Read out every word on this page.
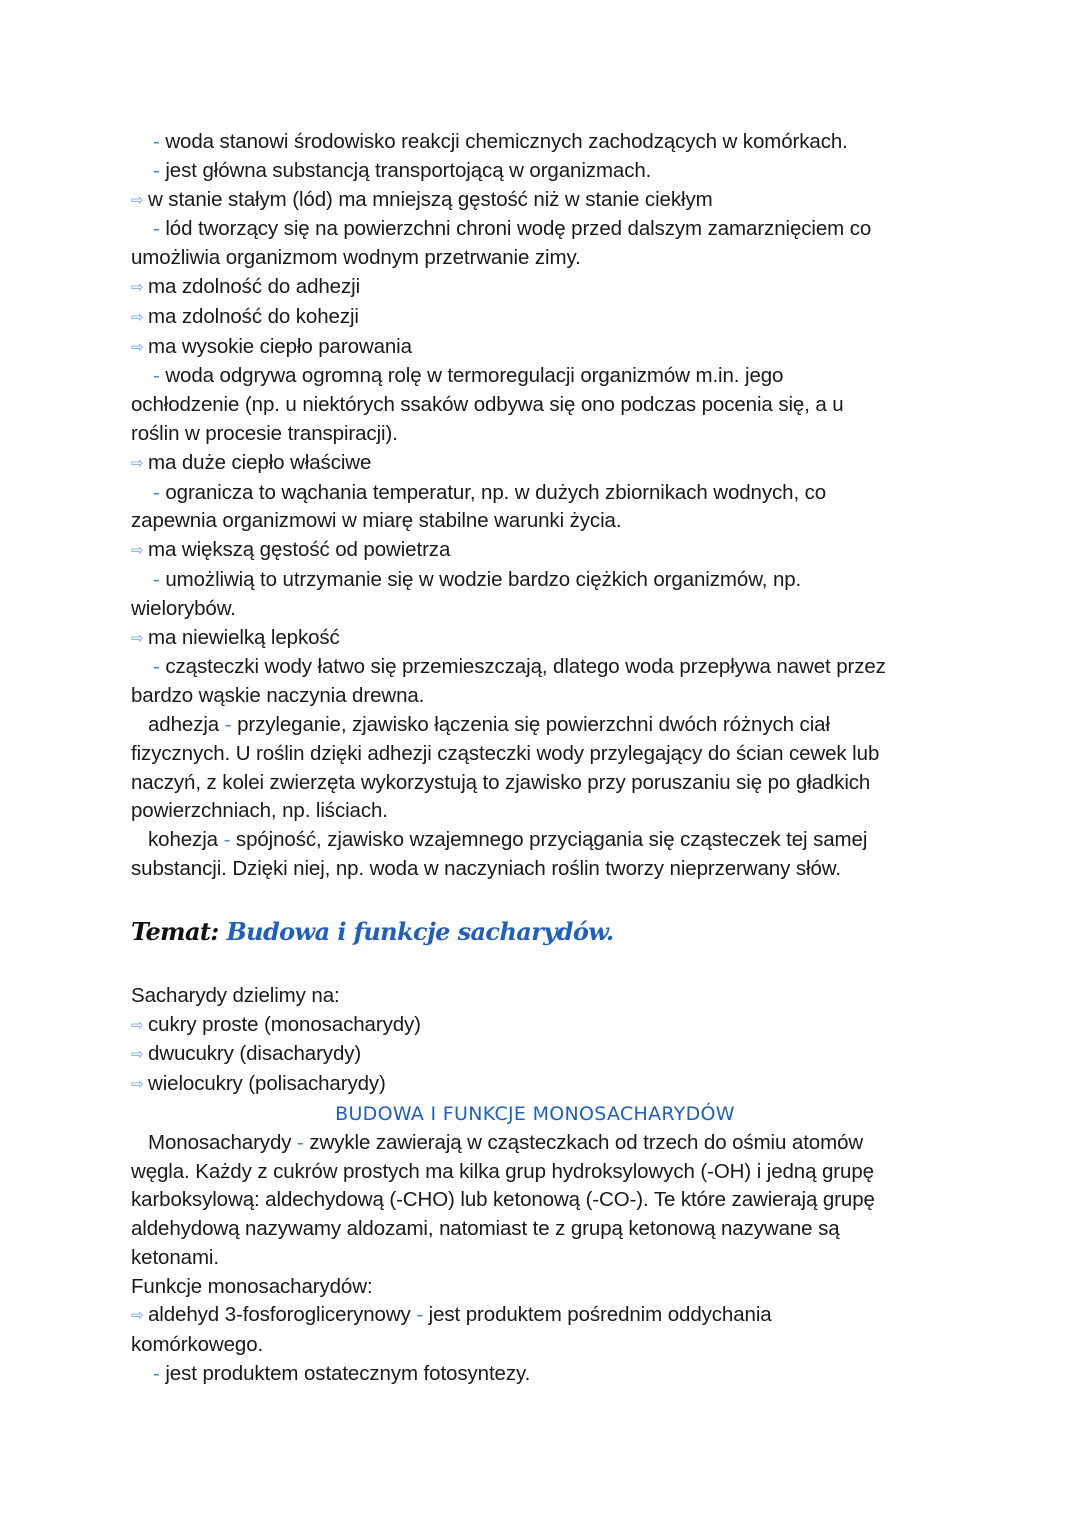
- woda stanowi środowisko reakcji chemicznych zachodzących w komórkach.
- jest główna substancją transportojącą w organizmach.
⇨ w stanie stałym (lód) ma mniejszą gęstość niż w stanie ciekłym
- lód tworzący się na powierzchni chroni wodę przed dalszym zamarznięciem co
umożliwia organizmom wodnym przetrwanie zimy.
⇨ ma zdolność do adhezji
⇨ ma zdolność do kohezji
⇨ ma wysokie ciepło parowania
- woda odgrywa ogromną rolę w termoregulacji organizmów m.in. jego
ochłodzenie (np. u niektórych ssaków odbywa się ono podczas pocenia się, a u
roślin w procesie transpiracji).
⇨ ma duże ciepło właściwe
- ogranicza to wąchania temperatur, np. w dużych zbiornikach wodnych, co
zapewnia organizmowi w miarę stabilne warunki życia.
⇨ ma większą gęstość od powietrza
- umożliwią to utrzymanie się w wodzie bardzo ciężkich organizmów, np.
wielorybów.
⇨ ma niewielką lepkość
- cząsteczki wody łatwo się przemieszczają, dlatego woda przepływa nawet przez
bardzo wąskie naczynia drewna.
adhezja - przyleganie, zjawisko łączenia się powierzchni dwóch różnych ciał
fizycznych. U roślin dzięki adhezji cząsteczki wody przylegający do ścian cewek lub
naczyń, z kolei zwierzęta wykorzystują to zjawisko przy poruszaniu się po gładkich
powierzchniach, np. liściach.
kohezja - spójność, zjawisko wzajemnego przyciągania się cząsteczek tej samej
substancji. Dzięki niej, np. woda w naczyniach roślin tworzy nieprzerwany słów.
Temat: Budowa i funkcje sacharydów.
Sacharydy dzielimy na:
⇨ cukry proste (monosacharydy)
⇨ dwucukry (disacharydy)
⇨ wielocukry (polisacharydy)
BUDOWA I FUNKCJE MONOSACHARYDÓW
Monosacharydy - zwykle zawierają w cząsteczkach od trzech do ośmiu atomów
węgla. Każdy z cukrów prostych ma kilka grup hydroksylowych (-OH) i jedną grupę
karboksylową: aldechydową (-CHO) lub ketonową (-CO-). Te które zawierają grupę
aldehydową nazywamy aldozami, natomiast te z grupą ketonową nazywane są
ketonami.
Funkcje monosacharydów:
⇨ aldehyd 3-fosforoglicerynowy - jest produktem pośrednim oddychania
komórkowego.
- jest produktem ostatecznym fotosyntezy.
